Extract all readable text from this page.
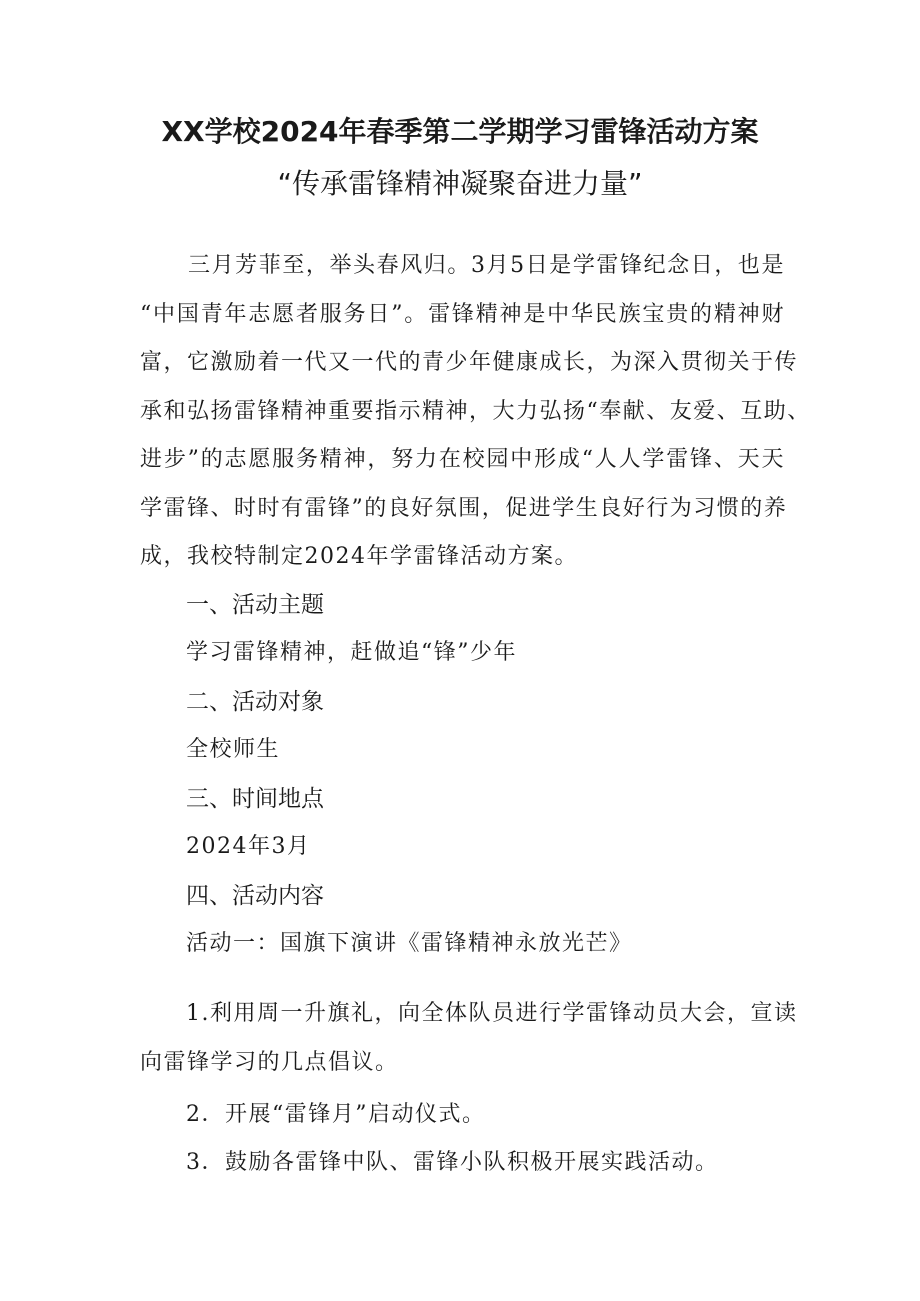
XX学校2024年春季第二学期学习雷锋活动方案
“传承雷锋精神凝聚奋进力量”
三月芳菲至，举头春风归。3月5日是学雷锋纪念日，也是
“中国青年志愿者服务日”。雷锋精神是中华民族宝贵的精神财
富，它激励着一代又一代的青少年健康成长，为深入贯彻关于传
承和弘扬雷锋精神重要指示精神，大力弘扬“奉献、友爱、互助、
进步”的志愿服务精神，努力在校园中形成“人人学雷锋、天天
学雷锋、时时有雷锋”的良好氛围，促进学生良好行为习惯的养
成，我校特制定2024年学雷锋活动方案。
一、活动主题
学习雷锋精神，赶做追“锋”少年
二、活动对象
全校师生
三、时间地点
2024年3月
四、活动内容
活动一：国旗下演讲《雷锋精神永放光芒》
1.利用周一升旗礼，向全体队员进行学雷锋动员大会，宣读
向雷锋学习的几点倡议。
2．开展“雷锋月”启动仪式。
3．鼓励各雷锋中队、雷锋小队积极开展实践活动。
